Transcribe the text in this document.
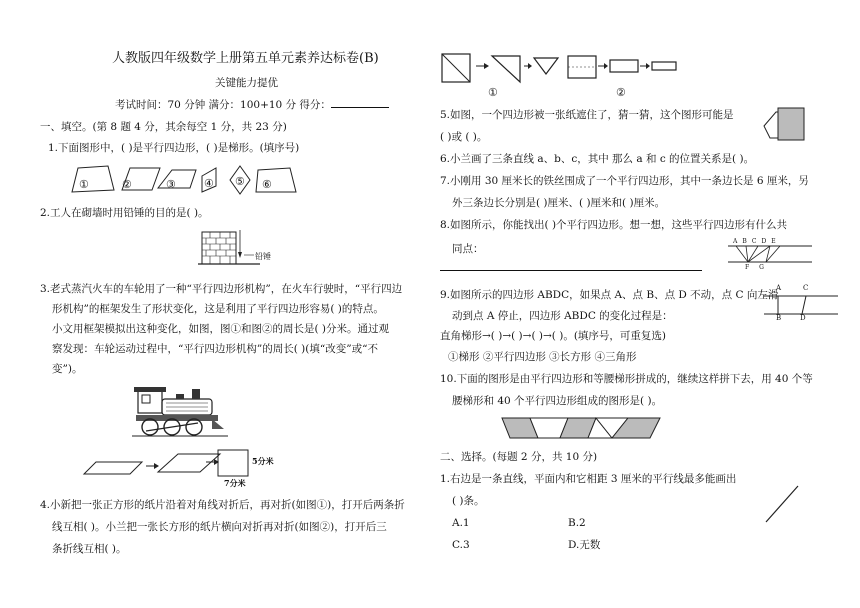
人教版四年级数学上册第五单元素养达标卷(B)
关键能力提优
考试时间：70 分钟 满分：100+10 分 得分：
一、填空。(第 8 题 4 分，其余每空 1 分，共 23 分)
1.下面图形中，( )是平行四边形，( )是梯形。(填序号)
①	②	③	④ ⑤ ⑥
2.工人在砌墙时用铅锤的目的是( )。
铅锤
3.老式蒸汽火车的车轮用了一种“平行四边形机构”，在火车行驶时，“平行四边
形机构”的框架发生了形状变化，这是利用了平行四边形容易( )的特点。
小文用框架模拟出这种变化，如图，图①和图②的周长是( )分米。通过观
察发现：车轮运动过程中，“平行四边形机构”的周长( )(填“改变”或“不
变”)。
5分米
7分米
4.小新把一张正方形的纸片沿着对角线对折后，再对折(如图①)，打开后两条折
线互相( )。小兰把一张长方形的纸片横向对折再对折(如图②)，打开后三
条折线互相( )。
①	②
5.如图，一个四边形被一张纸遮住了，猜一猜，这个图形可能是
( )或 ( )。
6.小兰画了三条直线 a、b、c，其中 那么 a 和 c 的位置关系是( )。
7.小刚用 30 厘米长的铁丝围成了一个平行四边形，其中一条边长是 6 厘米，另
外三条边长分别是( )厘米、( )厘米和( )厘米。
8.如图所示，你能找出( )个平行四边形。想一想，这些平行四边形有什么共
同点：
ABCDE
FG
9.如图所示的四边形 ABDC，如果点 A、点 B、点 D 不动，点 C 向左滑
动到点 A 停止，四边形 ABDC 的变化过程是：
直角梯形→( )→( )→( )→( )。(填序号，可重复选)
①梯形 ②平行四边形 ③长方形 ④三角形
A	C
B	D
10.下面的图形是由平行四边形和等腰梯形拼成的，继续这样拼下去，用 40 个等
腰梯形和 40 个平行四边形组成的图形是( )。
二、选择。(每题 2 分，共 10 分)
1.右边是一条直线，平面内和它相距 3 厘米的平行线最多能画出
( )条。
A.1	B.2
C.3	D.无数
